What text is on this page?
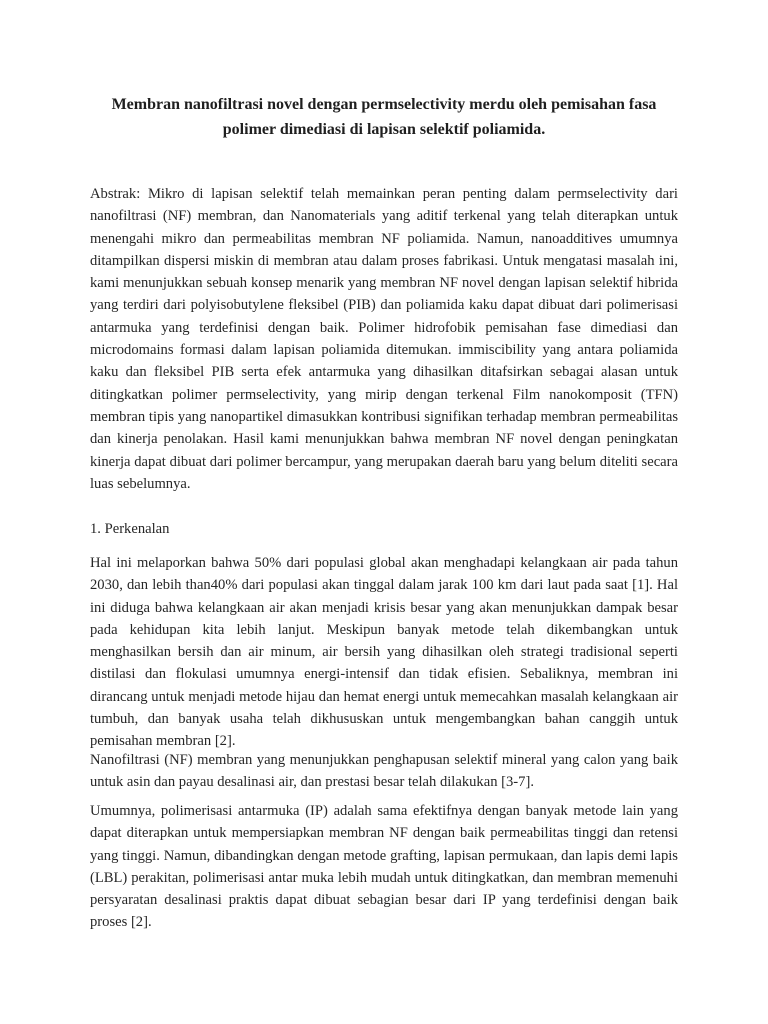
Membran nanofiltrasi novel dengan permselectivity merdu oleh pemisahan fasa polimer dimediasi di lapisan selektif poliamida.

Abstrak: Mikro di lapisan selektif telah memainkan peran penting dalam permselectivity dari nanofiltrasi (NF) membran, dan Nanomaterials yang aditif terkenal yang telah diterapkan untuk menengahi mikro dan permeabilitas membran NF poliamida. Namun, nanoadditives umumnya ditampilkan dispersi miskin di membran atau dalam proses fabrikasi. Untuk mengatasi masalah ini, kami menunjukkan sebuah konsep menarik yang membran NF novel dengan lapisan selektif hibrida yang terdiri dari polyisobutylene fleksibel (PIB) dan poliamida kaku dapat dibuat dari polimerisasi antarmuka yang terdefinisi dengan baik. Polimer hidrofobik pemisahan fase dimediasi dan microdomains formasi dalam lapisan poliamida ditemukan. immiscibility yang antara poliamida kaku dan fleksibel PIB serta efek antarmuka yang dihasilkan ditafsirkan sebagai alasan untuk ditingkatkan polimer permselectivity, yang mirip dengan terkenal Film nanokomposit (TFN) membran tipis yang nanopartikel dimasukkan kontribusi signifikan terhadap membran permeabilitas dan kinerja penolakan. Hasil kami menunjukkan bahwa membran NF novel dengan peningkatan kinerja dapat dibuat dari polimer bercampur, yang merupakan daerah baru yang belum diteliti secara luas sebelumnya.

1. Perkenalan

Hal ini melaporkan bahwa 50% dari populasi global akan menghadapi kelangkaan air pada tahun 2030, dan lebih than40% dari populasi akan tinggal dalam jarak 100 km dari laut pada saat [1]. Hal ini diduga bahwa kelangkaan air akan menjadi krisis besar yang akan menunjukkan dampak besar pada kehidupan kita lebih lanjut. Meskipun banyak metode telah dikembangkan untuk menghasilkan bersih dan air minum, air bersih yang dihasilkan oleh strategi tradisional seperti distilasi dan flokulasi umumnya energi-intensif dan tidak efisien. Sebaliknya, membran ini dirancang untuk menjadi metode hijau dan hemat energi untuk memecahkan masalah kelangkaan air tumbuh, dan banyak usaha telah dikhususkan untuk mengembangkan bahan canggih untuk pemisahan membran [2].

Nanofiltrasi (NF) membran yang menunjukkan penghapusan selektif mineral yang calon yang baik untuk asin dan payau desalinasi air, dan prestasi besar telah dilakukan [3-7].

Umumnya, polimerisasi antarmuka (IP) adalah sama efektifnya dengan banyak metode lain yang dapat diterapkan untuk mempersiapkan membran NF dengan baik permeabilitas tinggi dan retensi yang tinggi. Namun, dibandingkan dengan metode grafting, lapisan permukaan, dan lapis demi lapis (LBL) perakitan, polimerisasi antar muka lebih mudah untuk ditingkatkan, dan membran memenuhi persyaratan desalinasi praktis dapat dibuat sebagian besar dari IP yang terdefinisi dengan baik proses [2].
